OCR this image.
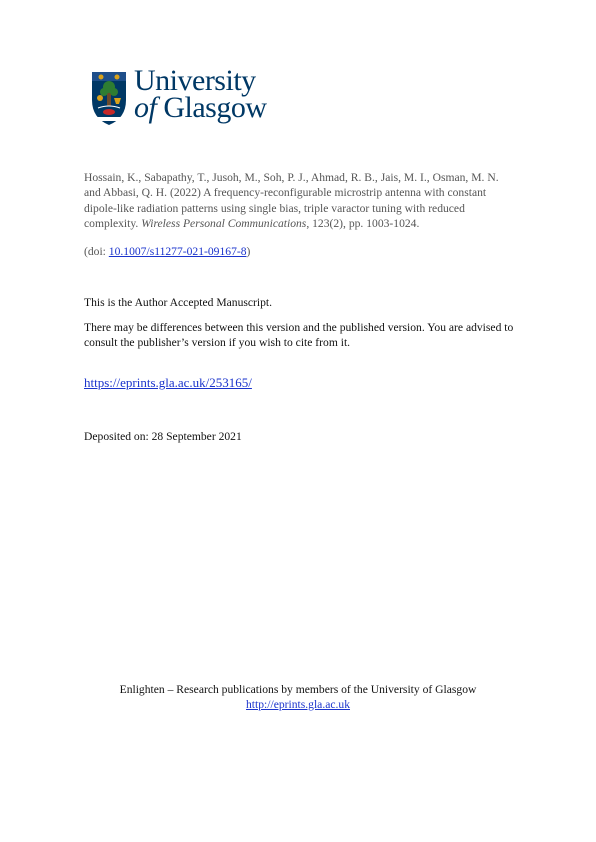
University
of Glasgow
Hossain, K., Sabapathy, T., Jusoh, M., Soh, P. J., Ahmad, R. B., Jais, M. I., Osman, M. N. and Abbasi, Q. H. (2022) A frequency-reconfigurable microstrip antenna with constant dipole-like radiation patterns using single bias, triple varactor tuning with reduced complexity. Wireless Personal Communications, 123(2), pp. 1003-1024.
(doi: 10.1007/s11277-021-09167-8)
This is the Author Accepted Manuscript.
There may be differences between this version and the published version. You are advised to consult the publisher’s version if you wish to cite from it.
https://eprints.gla.ac.uk/253165/
Deposited on: 28 September 2021
Enlighten – Research publications by members of the University of Glasgow
http://eprints.gla.ac.uk
